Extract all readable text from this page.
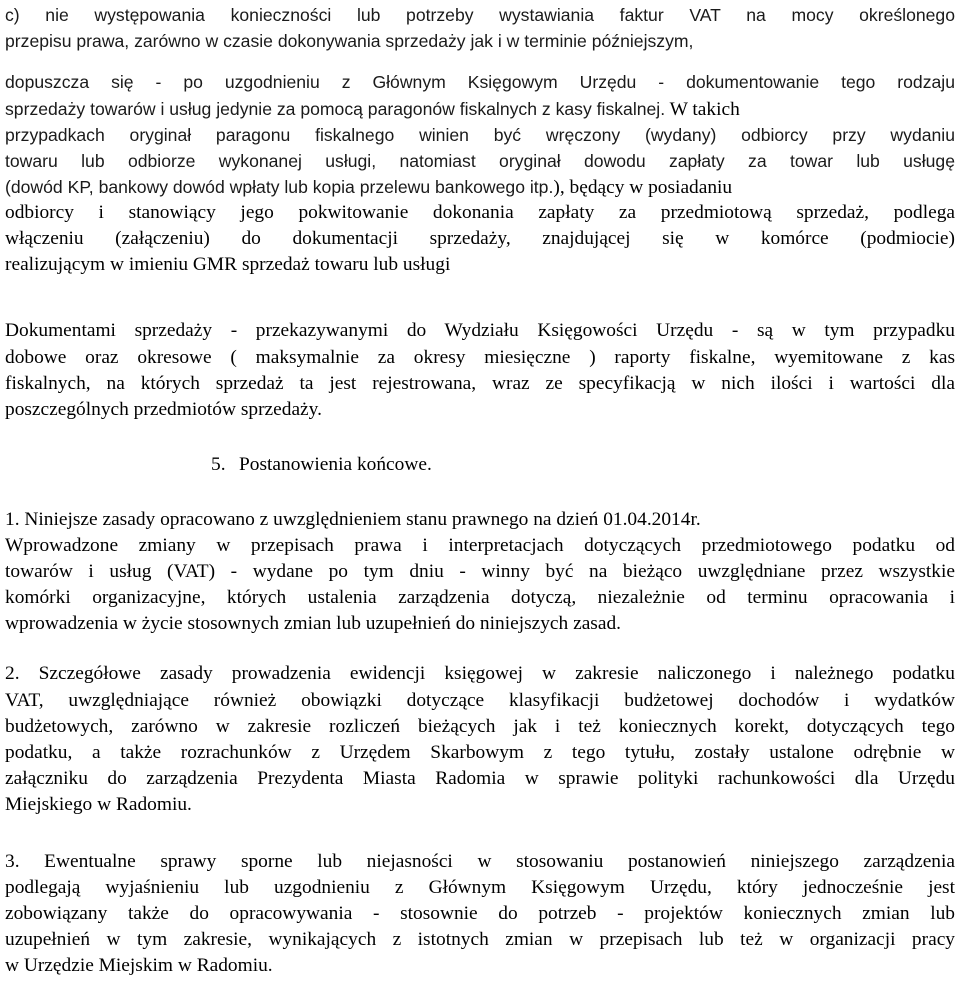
c) nie występowania konieczności lub potrzeby wystawiania faktur VAT na mocy określonego
przepisu prawa, zarówno w czasie dokonywania sprzedaży jak i w terminie późniejszym,
dopuszcza się - po uzgodnieniu z Głównym Księgowym Urzędu - dokumentowanie tego rodzaju
sprzedaży towarów i usług jedynie za pomocą paragonów fiskalnych z kasy fiskalnej. W takich
przypadkach oryginał paragonu fiskalnego winien być wręczony (wydany) odbiorcy przy wydaniu
towaru lub odbiorze wykonanej usługi, natomiast oryginał dowodu zapłaty za towar lub usługę
(dowód KP, bankowy dowód wpłaty lub kopia przelewu bankowego itp.), będący w posiadaniu
odbiorcy i stanowiący jego pokwitowanie dokonania zapłaty za przedmiotową sprzedaż, podlega
włączeniu (załączeniu) do dokumentacji sprzedaży, znajdującej się w komórce (podmiocie)
realizującym w imieniu GMR sprzedaż towaru lub usługi
Dokumentami sprzedaży - przekazywanymi do Wydziału Księgowości Urzędu - są w tym przypadku
dobowe oraz okresowe ( maksymalnie za okresy miesięczne ) raporty fiskalne, wyemitowane z kas
fiskalnych, na których sprzedaż ta jest rejestrowana, wraz ze specyfikacją w nich ilości i wartości dla
poszczególnych przedmiotów sprzedaży.
5. Postanowienia końcowe.
1. Niniejsze zasady opracowano z uwzględnieniem stanu prawnego na dzień 01.04.2014r.
Wprowadzone zmiany w przepisach prawa i interpretacjach dotyczących przedmiotowego podatku od
towarów i usług (VAT) - wydane po tym dniu - winny być na bieżąco uwzględniane przez wszystkie
komórki organizacyjne, których ustalenia zarządzenia dotyczą, niezależnie od terminu opracowania i
wprowadzenia w życie stosownych zmian lub uzupełnień do niniejszych zasad.
2. Szczegółowe zasady prowadzenia ewidencji księgowej w zakresie naliczonego i należnego podatku
VAT, uwzględniające również obowiązki dotyczące klasyfikacji budżetowej dochodów i wydatków
budżetowych, zarówno w zakresie rozliczeń bieżących jak i też koniecznych korekt, dotyczących tego
podatku, a także rozrachunków z Urzędem Skarbowym z tego tytułu, zostały ustalone odrębnie w
załączniku do zarządzenia Prezydenta Miasta Radomia w sprawie polityki rachunkowości dla Urzędu
Miejskiego w Radomiu.
3. Ewentualne sprawy sporne lub niejasności w stosowaniu postanowień niniejszego zarządzenia
podlegają wyjaśnieniu lub uzgodnieniu z Głównym Księgowym Urzędu, który jednocześnie jest
zobowiązany także do opracowywania - stosownie do potrzeb - projektów koniecznych zmian lub
uzupełnień w tym zakresie, wynikających z istotnych zmian w przepisach lub też w organizacji pracy
w Urzędzie Miejskim w Radomiu.
